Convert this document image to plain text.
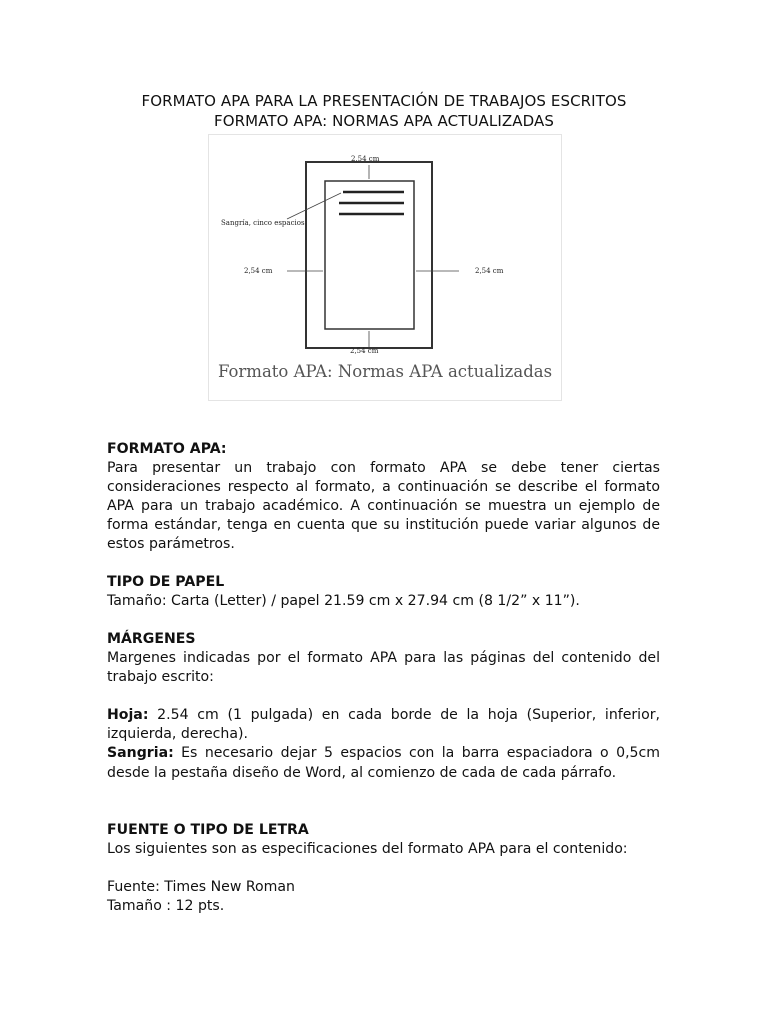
FORMATO APA PARA LA PRESENTACIÓN DE TRABAJOS ESCRITOS
FORMATO APA: NORMAS APA ACTUALIZADAS
2,54 cm
2,54 cm	2,54 cm
2,54 cm
Sangría, cinco espacios
Formato APA: Normas APA actualizadas

FORMATO APA:

Para presentar un trabajo con formato APA se debe tener ciertas consideraciones respecto al formato, a continuación se describe el formato APA para un trabajo académico. A continuación se muestra un ejemplo de forma estándar, tenga en cuenta que su institución puede variar algunos de estos parámetros.

TIPO DE PAPEL

Tamaño: Carta (Letter) / papel 21.59 cm x 27.94 cm (8 1/2” x 11”).

MÁRGENES

Margenes indicadas por el formato APA para las páginas del contenido del trabajo escrito:

Hoja: 2.54 cm (1 pulgada) en cada borde de la hoja (Superior, inferior, izquierda, derecha).

Sangria: Es necesario dejar 5 espacios con la barra espaciadora o 0,5cm desde la pestaña diseño de Word, al comienzo de cada de cada párrafo.

FUENTE O TIPO DE LETRA

Los siguientes son as especificaciones del formato APA para el contenido:

Fuente: Times New Roman

Tamaño : 12 pts.
